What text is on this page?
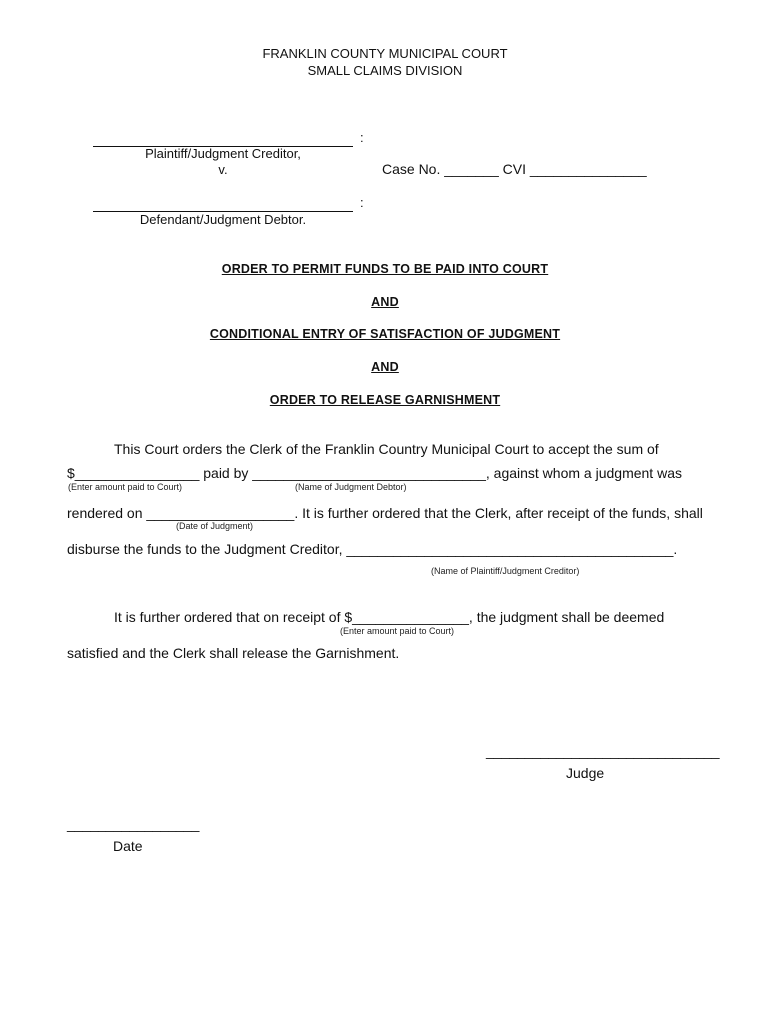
FRANKLIN COUNTY MUNICIPAL COURT
SMALL CLAIMS DIVISION
:
Plaintiff/Judgment Creditor,
v.	Case No. _______ CVI _______________
:
Defendant/Judgment Debtor.
ORDER TO PERMIT FUNDS TO BE PAID INTO COURT
AND
CONDITIONAL ENTRY OF SATISFACTION OF JUDGMENT
AND
ORDER TO RELEASE GARNISHMENT
This Court orders the Clerk of the Franklin Country Municipal Court to accept the sum of
$________________ paid by ______________________________, against whom a judgment was
(Enter amount paid to Court)	(Name of Judgment Debtor)
rendered on ___________________. It is further ordered that the Clerk, after receipt of the funds, shall
(Date of Judgment)
disburse the funds to the Judgment Creditor, __________________________________________.
(Name of Plaintiff/Judgment Creditor)
It is further ordered that on receipt of $_______________, the judgment shall be deemed
(Enter amount paid to Court)
satisfied and the Clerk shall release the Garnishment.
______________________________
Judge
_________________
Date
